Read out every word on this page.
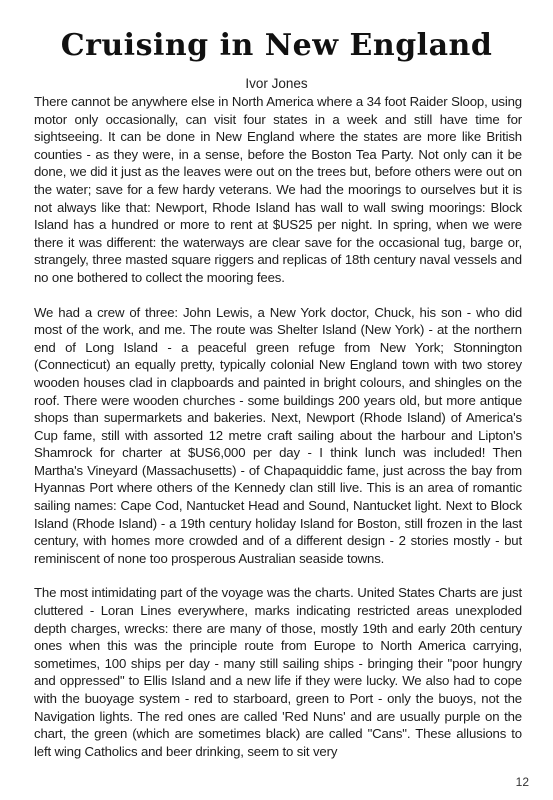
Cruising in New England
Ivor Jones

There cannot be anywhere else in North America where a 34 foot Raider Sloop, using motor only occasionally, can visit four states in a week and still have time for sightseeing. It can be done in New England where the states are more like British counties - as they were, in a sense, before the Boston Tea Party. Not only can it be done, we did it just as the leaves were out on the trees but, before others were out on the water; save for a few hardy veterans. We had the moorings to ourselves but it is not always like that: Newport, Rhode Island has wall to wall swing moorings: Block Island has a hundred or more to rent at $US25 per night. In spring, when we were there it was different: the waterways are clear save for the occasional tug, barge or, strangely, three masted square riggers and replicas of 18th century naval vessels and no one bothered to collect the mooring fees.

We had a crew of three: John Lewis, a New York doctor, Chuck, his son - who did most of the work, and me. The route was Shelter Island (New York) - at the northern end of Long Island - a peaceful green refuge from New York; Stonnington (Connecticut) an equally pretty, typically colonial New England town with two storey wooden houses clad in clapboards and painted in bright colours, and shingles on the roof. There were wooden churches - some buildings 200 years old, but more antique shops than supermarkets and bakeries. Next, Newport (Rhode Island) of America's Cup fame, still with assorted 12 metre craft sailing about the harbour and Lipton's Shamrock for charter at $US6,000 per day - I think lunch was included! Then Martha's Vineyard (Massachusetts) - of Chapaquiddic fame, just across the bay from Hyannas Port where others of the Kennedy clan still live. This is an area of romantic sailing names: Cape Cod, Nantucket Head and Sound, Nantucket light. Next to Block Island (Rhode Island) - a 19th century holiday Island for Boston, still frozen in the last century, with homes more crowded and of a different design - 2 stories mostly - but reminiscent of none too prosperous Australian seaside towns.

The most intimidating part of the voyage was the charts. United States Charts are just cluttered - Loran Lines everywhere, marks indicating restricted areas unexploded depth charges, wrecks: there are many of those, mostly 19th and early 20th century ones when this was the principle route from Europe to North America carrying, sometimes, 100 ships per day - many still sailing ships - bringing their "poor hungry and oppressed" to Ellis Island and a new life if they were lucky. We also had to cope with the buoyage system - red to starboard, green to Port - only the buoys, not the Navigation lights. The red ones are called 'Red Nuns' and are usually purple on the chart, the green (which are sometimes black) are called "Cans". These allusions to left wing Catholics and beer drinking, seem to sit very

12
